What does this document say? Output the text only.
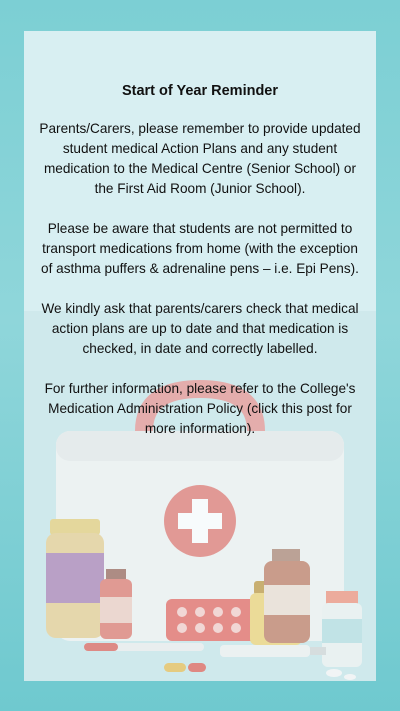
Start of Year Reminder
Parents/Carers, please remember to provide updated student medical Action Plans and any student medication to the Medical Centre (Senior School) or the First Aid Room (Junior School).
Please be aware that students are not permitted to transport medications from home (with the exception of asthma puffers & adrenaline pens – i.e. Epi Pens).
We kindly ask that parents/carers check that medical action plans are up to date and that medication is checked, in date and correctly labelled.
For further information, please refer to the College's Medication Administration Policy (click this post for more information).
